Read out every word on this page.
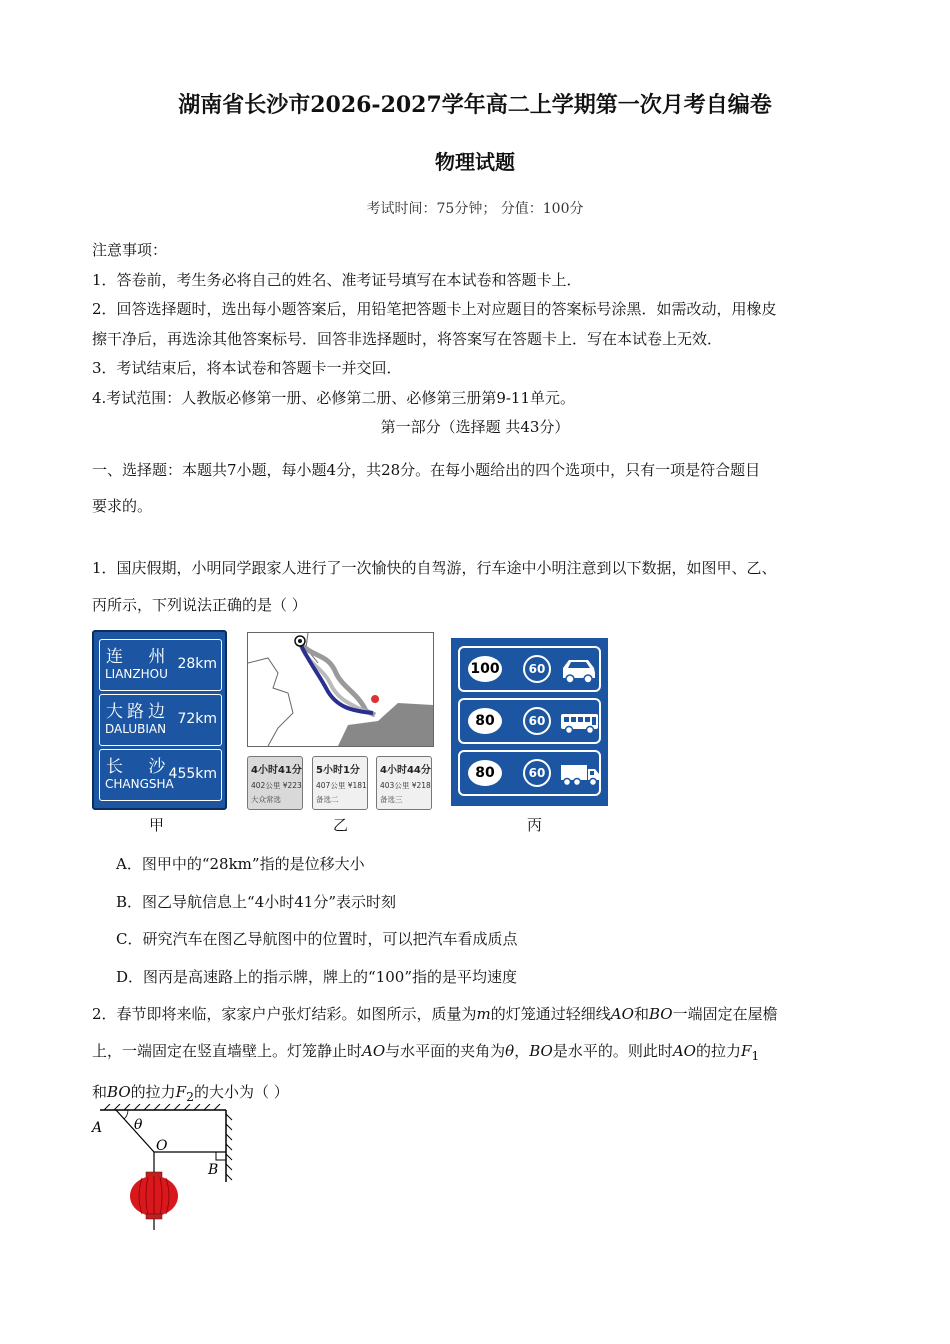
湖南省长沙市2026-2027学年高二上学期第一次月考自编卷
物理试题
考试时间：75分钟； 分值：100分
注意事项：
1．答卷前，考生务必将自己的姓名、准考证号填写在本试卷和答题卡上．
2．回答选择题时，选出每小题答案后，用铅笔把答题卡上对应题目的答案标号涂黑．如需改动，用橡皮
擦干净后，再选涂其他答案标号．回答非选择题时，将答案写在答题卡上．写在本试卷上无效．
3．考试结束后，将本试卷和答题卡一并交回．
4.考试范围：人教版必修第一册、必修第二册、必修第三册第9-11单元。
第一部分（选择题 共43分）
一、选择题：本题共7小题，每小题4分，共28分。在每小题给出的四个选项中，只有一项是符合题目
要求的。
1．国庆假期，小明同学跟家人进行了一次愉快的自驾游，行车途中小明注意到以下数据，如图甲、乙、
丙所示，下列说法正确的是（ ）
连 州
LIANZHOU
28km
大路边
DALUBIAN
72km
长 沙
CHANGSHA
455km	4小时41分
402公里 ¥223
大众常选
5小时1分
407公里 ¥181
备选二
4小时44分
403公里 ¥218
备选三
100	60
80	60
80	60
甲	乙	丙
A．图甲中的“28km”指的是位移大小
B．图乙导航信息上“4小时41分”表示时刻
C．研究汽车在图乙导航图中的位置时，可以把汽车看成质点
D．图丙是高速路上的指示牌，牌上的“100”指的是平均速度
2．春节即将来临，家家户户张灯结彩。如图所示，质量为m的灯笼通过轻细线AO和BO一端固定在屋檐
上，一端固定在竖直墙壁上。灯笼静止时AO与水平面的夹角为θ，BO是水平的。则此时AO的拉力$F_1$
和BO的拉力$F_2$的大小为（ ）
θ
A
O
B
